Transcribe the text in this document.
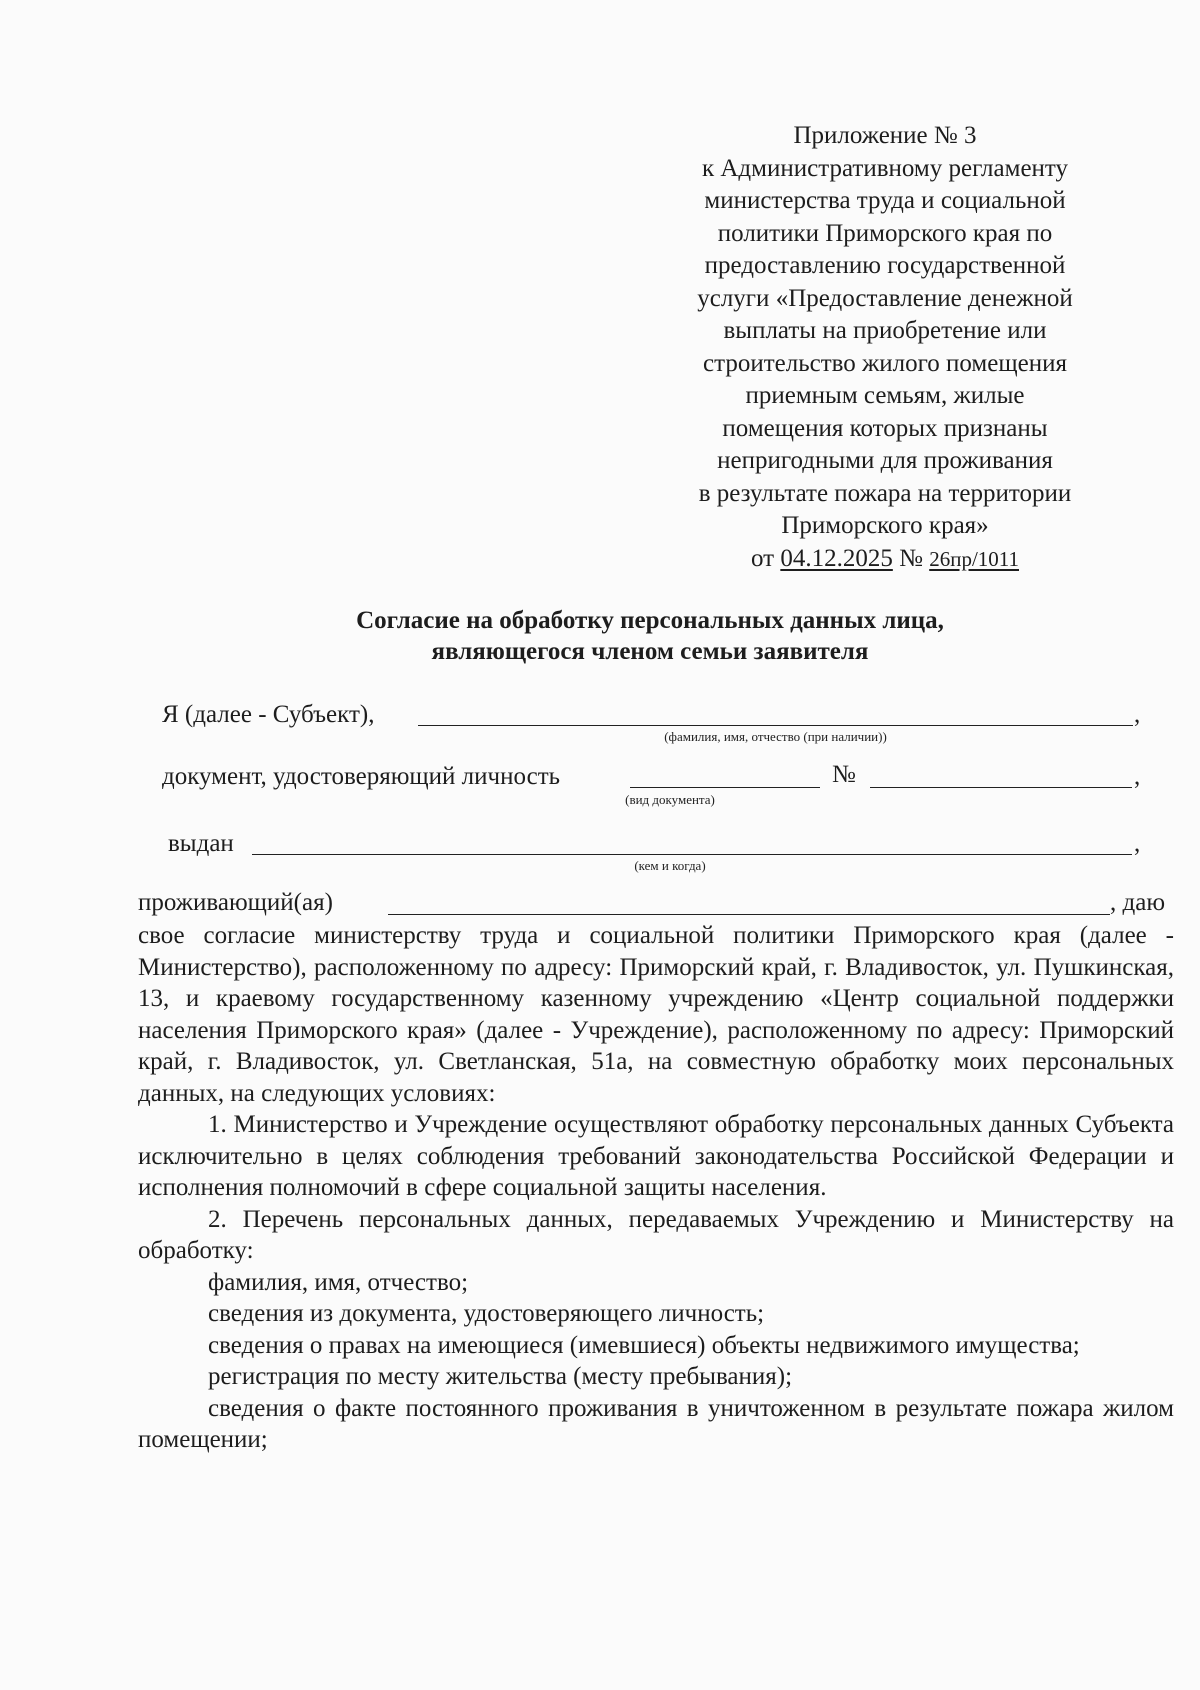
Приложение № 3
к Административному регламенту
министерства труда и социальной
политики Приморского края по
предоставлению государственной
услуги «Предоставление денежной
выплаты на приобретение или
строительство жилого помещения
приемным семьям, жилые
помещения которых признаны
непригодными для проживания
в результате пожара на территории
Приморского края»
от 04.12.2025 № 26пр/1011
Согласие на обработку персональных данных лица,
являющегося членом семьи заявителя
Я (далее - Субъект),	,
(фамилия, имя, отчество (при наличии))
документ, удостоверяющий личность	№	,
(вид документа)
выдан	,
(кем и когда)
проживающий(ая)	, даю

свое согласие министерству труда и социальной политики Приморского края (далее - Министерство), расположенному по адресу: Приморский край, г. Владивосток, ул. Пушкинская, 13, и краевому государственному казенному учреждению «Центр социальной поддержки населения Приморского края» (далее - Учреждение), расположенному по адресу: Приморский край, г. Владивосток, ул. Светланская, 51а, на совместную обработку моих персональных данных, на следующих условиях:

1. Министерство и Учреждение осуществляют обработку персональных данных Субъекта исключительно в целях соблюдения требований законодательства Российской Федерации и исполнения полномочий в сфере социальной защиты населения.

2. Перечень персональных данных, передаваемых Учреждению и Министерству на обработку:

фамилия, имя, отчество;

сведения из документа, удостоверяющего личность;

сведения о правах на имеющиеся (имевшиеся) объекты недвижимого имущества;

регистрация по месту жительства (месту пребывания);

сведения о факте постоянного проживания в уничтоженном в результате пожара жилом помещении;
